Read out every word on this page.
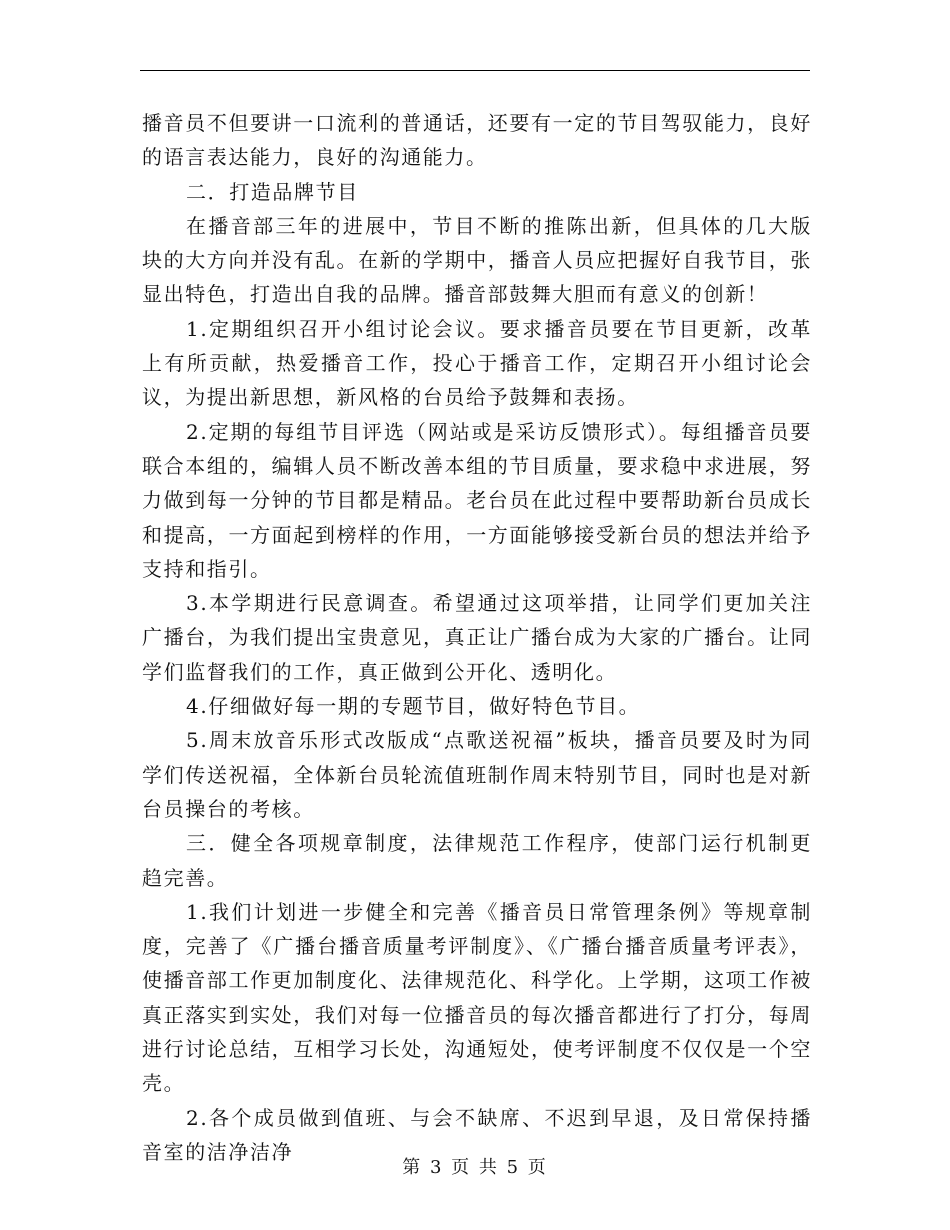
播音员不但要讲一口流利的普通话，还要有一定的节目驾驭能力，良好的语言表达能力，良好的沟通能力。

二．打造品牌节目

在播音部三年的进展中，节目不断的推陈出新，但具体的几大版块的大方向并没有乱。在新的学期中，播音人员应把握好自我节目，张显出特色，打造出自我的品牌。播音部鼓舞大胆而有意义的创新！

1.定期组织召开小组讨论会议。要求播音员要在节目更新，改革上有所贡献，热爱播音工作，投心于播音工作，定期召开小组讨论会议，为提出新思想，新风格的台员给予鼓舞和表扬。

2.定期的每组节目评选（网站或是采访反馈形式）。每组播音员要联合本组的，编辑人员不断改善本组的节目质量，要求稳中求进展，努力做到每一分钟的节目都是精品。老台员在此过程中要帮助新台员成长和提高，一方面起到榜样的作用，一方面能够接受新台员的想法并给予支持和指引。

3.本学期进行民意调查。希望通过这项举措，让同学们更加关注广播台，为我们提出宝贵意见，真正让广播台成为大家的广播台。让同学们监督我们的工作，真正做到公开化、透明化。

4.仔细做好每一期的专题节目，做好特色节目。

5.周末放音乐形式改版成“点歌送祝福”板块，播音员要及时为同学们传送祝福，全体新台员轮流值班制作周末特别节目，同时也是对新台员操台的考核。

三．健全各项规章制度，法律规范工作程序，使部门运行机制更趋完善。

1.我们计划进一步健全和完善《播音员日常管理条例》等规章制度，完善了《广播台播音质量考评制度》、《广播台播音质量考评表》，使播音部工作更加制度化、法律规范化、科学化。上学期，这项工作被真正落实到实处，我们对每一位播音员的每次播音都进行了打分，每周进行讨论总结，互相学习长处，沟通短处，使考评制度不仅仅是一个空壳。

2.各个成员做到值班、与会不缺席、不迟到早退，及日常保持播音室的洁净洁净

第 3 页 共 5 页
